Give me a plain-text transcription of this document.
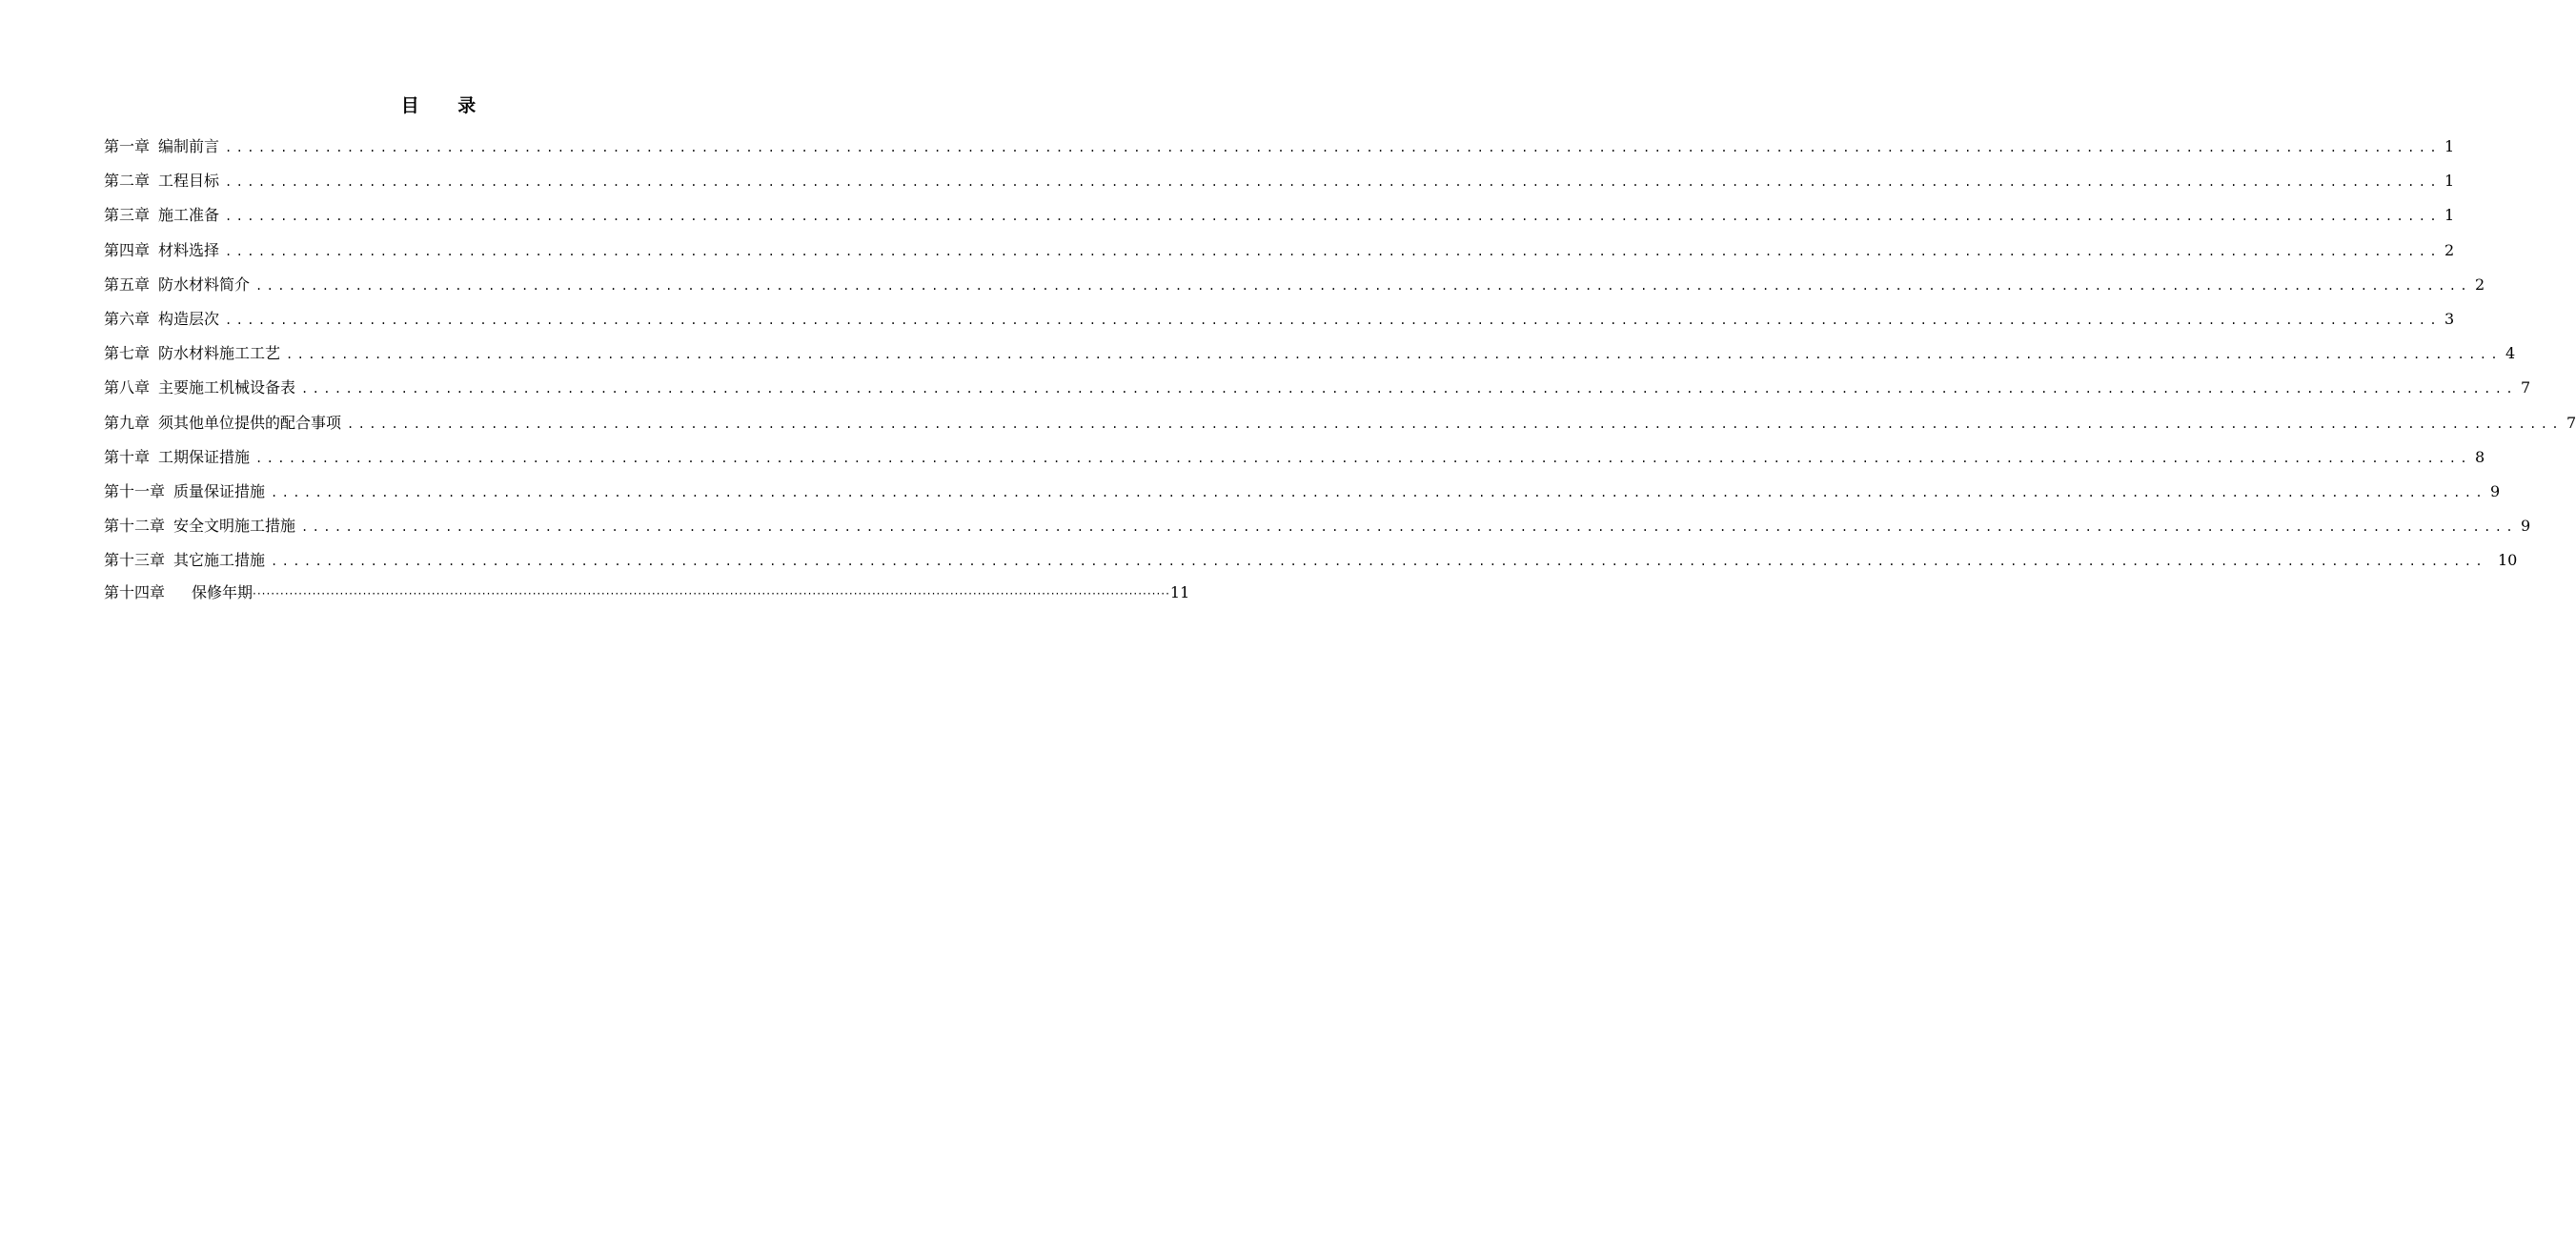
目 录
第一章 编制前言 ........................................................................................................................................................................................................ 1
第二章 工程目标 ........................................................................................................................................................................................................ 1
第三章 施工准备 ........................................................................................................................................................................................................ 1
第四章 材料选择 ........................................................................................................................................................................................................ 2
第五章 防水材料简介 ........................................................................................................................................................................................................ 2
第六章 构造层次 ........................................................................................................................................................................................................ 3
第七章 防水材料施工工艺 ........................................................................................................................................................................................................ 4
第八章 主要施工机械设备表 ........................................................................................................................................................................................................ 7
第九章 须其他单位提供的配合事项 ........................................................................................................................................................................................................ 7
第十章 工期保证措施 ........................................................................................................................................................................................................ 8
第十一章 质量保证措施 ........................................................................................................................................................................................................ 9
第十二章 安全文明施工措施 ........................................................................................................................................................................................................ 9
第十三章 其它施工措施 ........................................................................................................................................................................................................ 10
第十四章 保修年期 ········································································································································································································ 11
